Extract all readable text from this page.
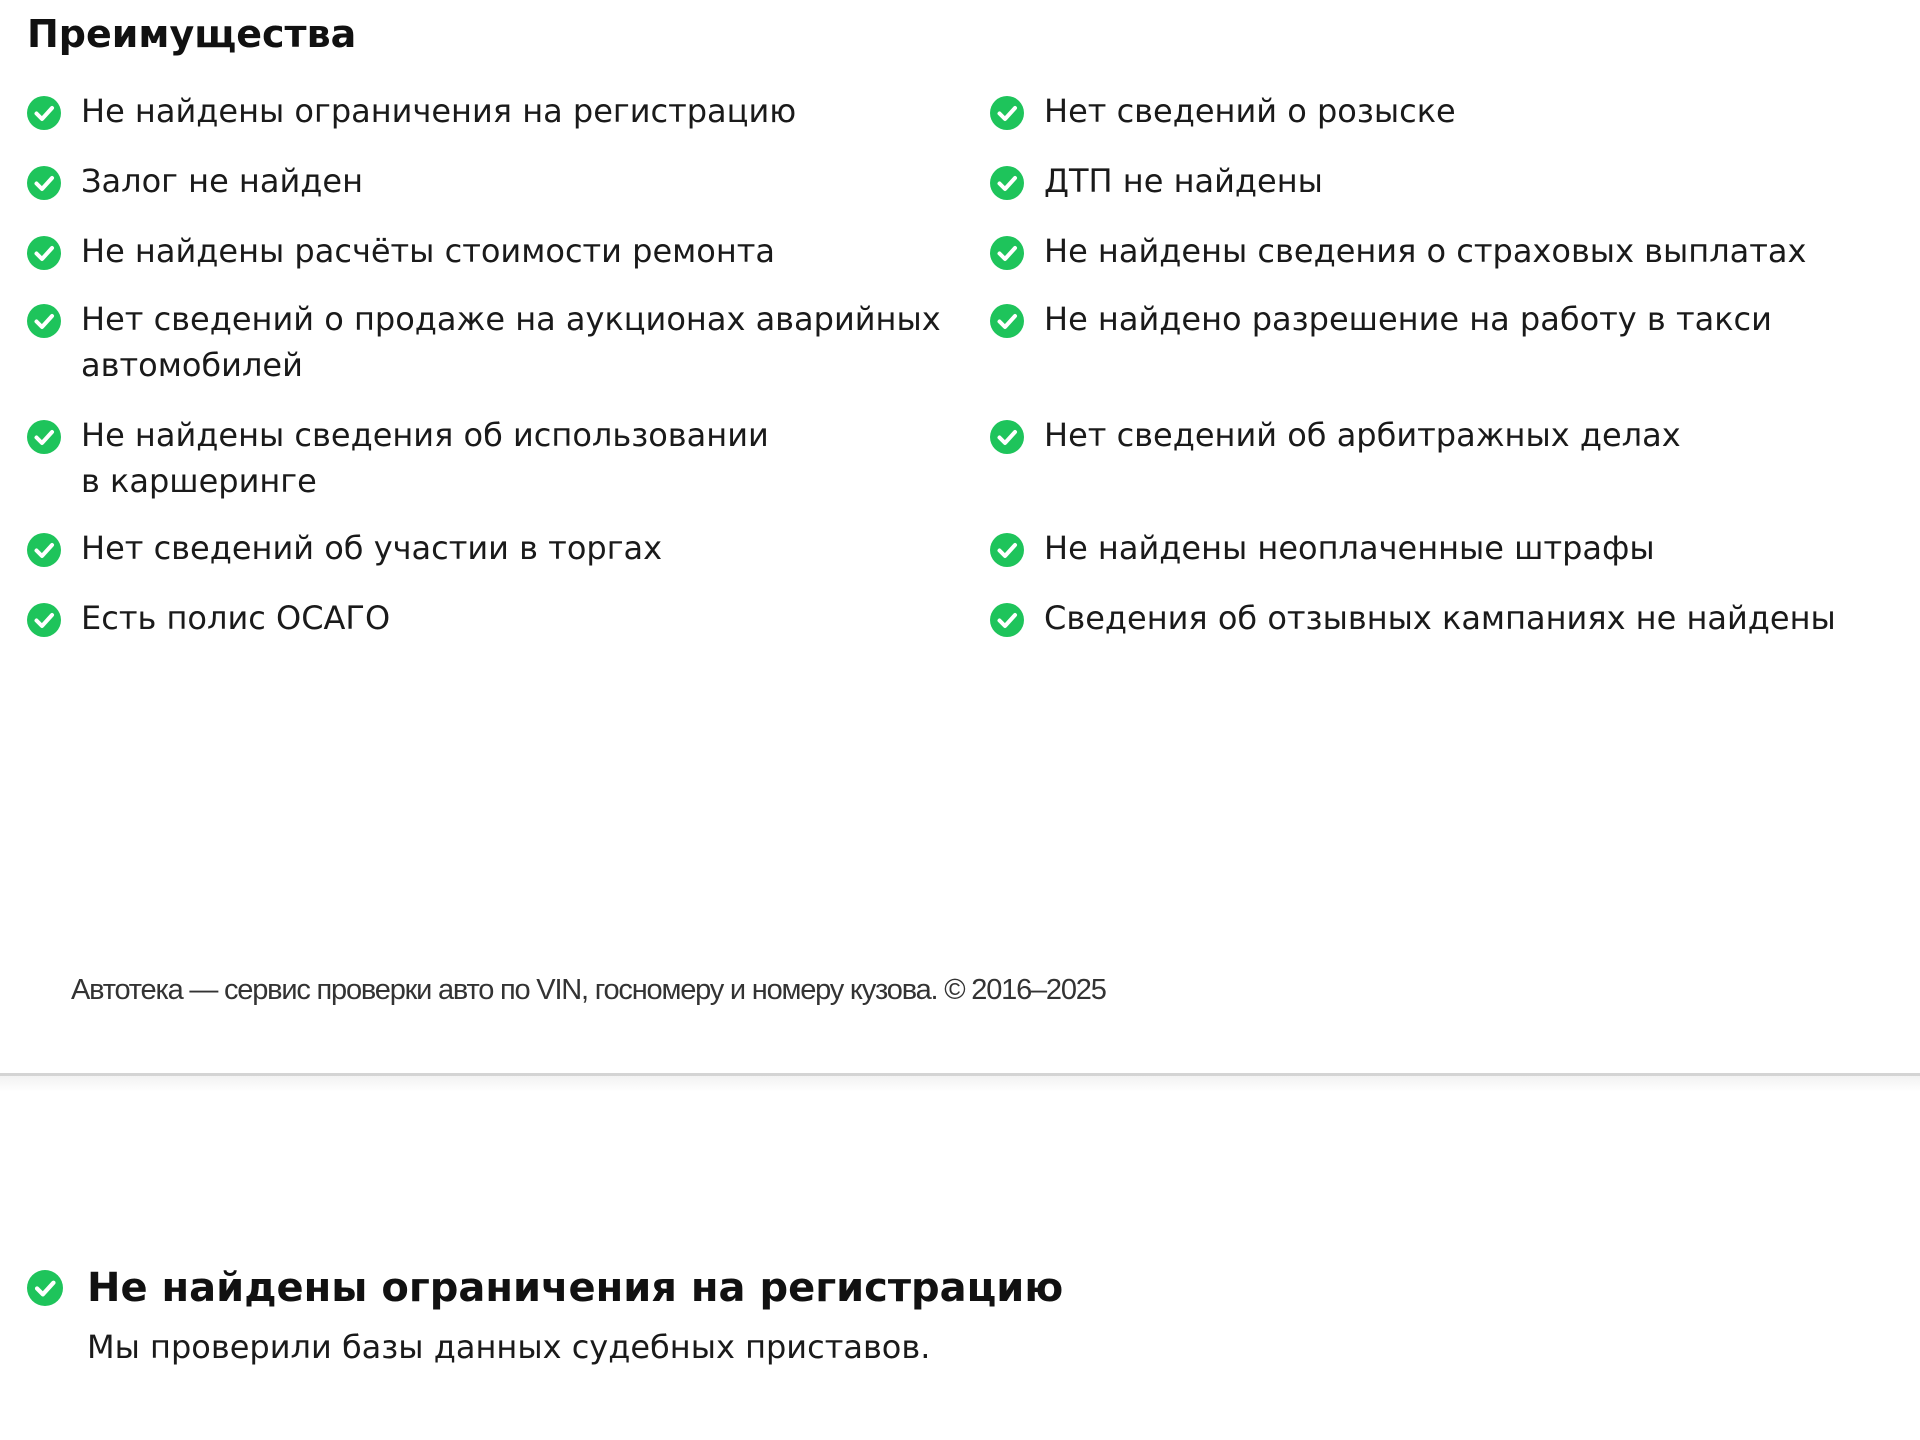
Преимущества
Не найдены ограничения на регистрацию
Залог не найден
Не найдены расчёты стоимости ремонта
Нет сведений о продаже на аукционах аварийных
автомобилей
Не найдены сведения об использовании
в каршеринге
Нет сведений об участии в торгах
Есть полис ОСАГО
Нет сведений о розыске
ДТП не найдены
Не найдены сведения о страховых выплатах
Не найдено разрешение на работу в такси
Нет сведений об арбитражных делах
Не найдены неоплаченные штрафы
Сведения об отзывных кампаниях не найдены
Автотека — сервис проверки авто по VIN, госномеру и номеру кузова. © 2016–2025
Не найдены ограничения на регистрацию

Мы проверили базы данных судебных приставов.
